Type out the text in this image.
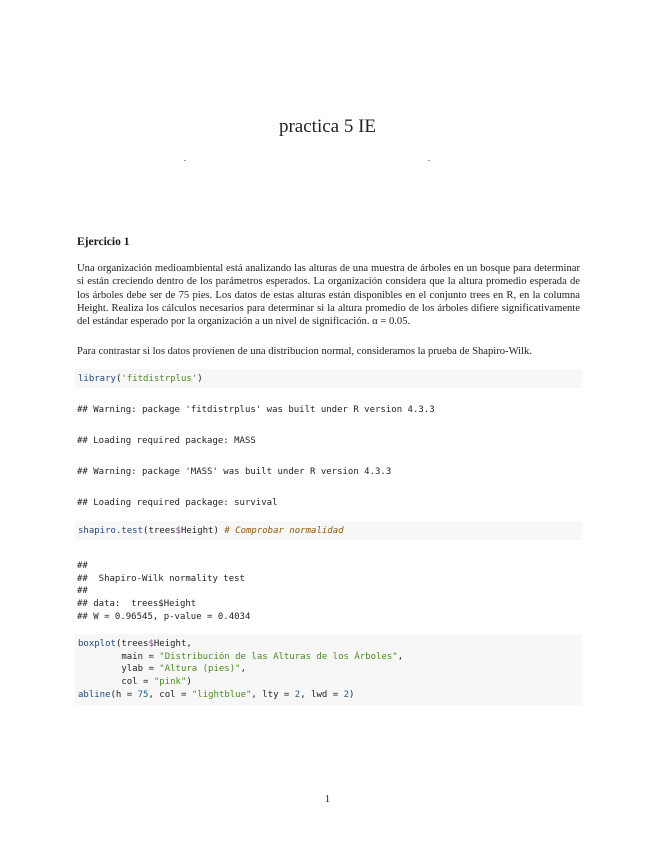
practica 5 IE
Ejercicio 1
Una organización medioambiental está analizando las alturas de una muestra de árboles en un bosque para determinar si están creciendo dentro de los parámetros esperados. La organización considera que la altura promedio esperada de los árboles debe ser de 75 pies. Los datos de estas alturas están disponibles en el conjunto trees en R, en la columna Height. Realiza los cálculos necesarios para determinar si la altura promedio de los árboles difiere significativamente del estándar esperado por la organización a un nivel de significación. α = 0.05.
Para contrastar si los datos provienen de una distribucion normal, consideramos la prueba de Shapiro-Wilk.
library('fitdistrplus')
## Warning: package 'fitdistrplus' was built under R version 4.3.3
## Loading required package: MASS
## Warning: package 'MASS' was built under R version 4.3.3
## Loading required package: survival
shapiro.test(trees$Height) # Comprobar normalidad
##
##  Shapiro-Wilk normality test
##
## data:  trees$Height
## W = 0.96545, p-value = 0.4034
boxplot(trees$Height,
main = "Distribución de las Alturas de los Árboles",
ylab = "Altura (pies)",
col = "pink")
abline(h = 75, col = "lightblue", lty = 2, lwd = 2)
1
